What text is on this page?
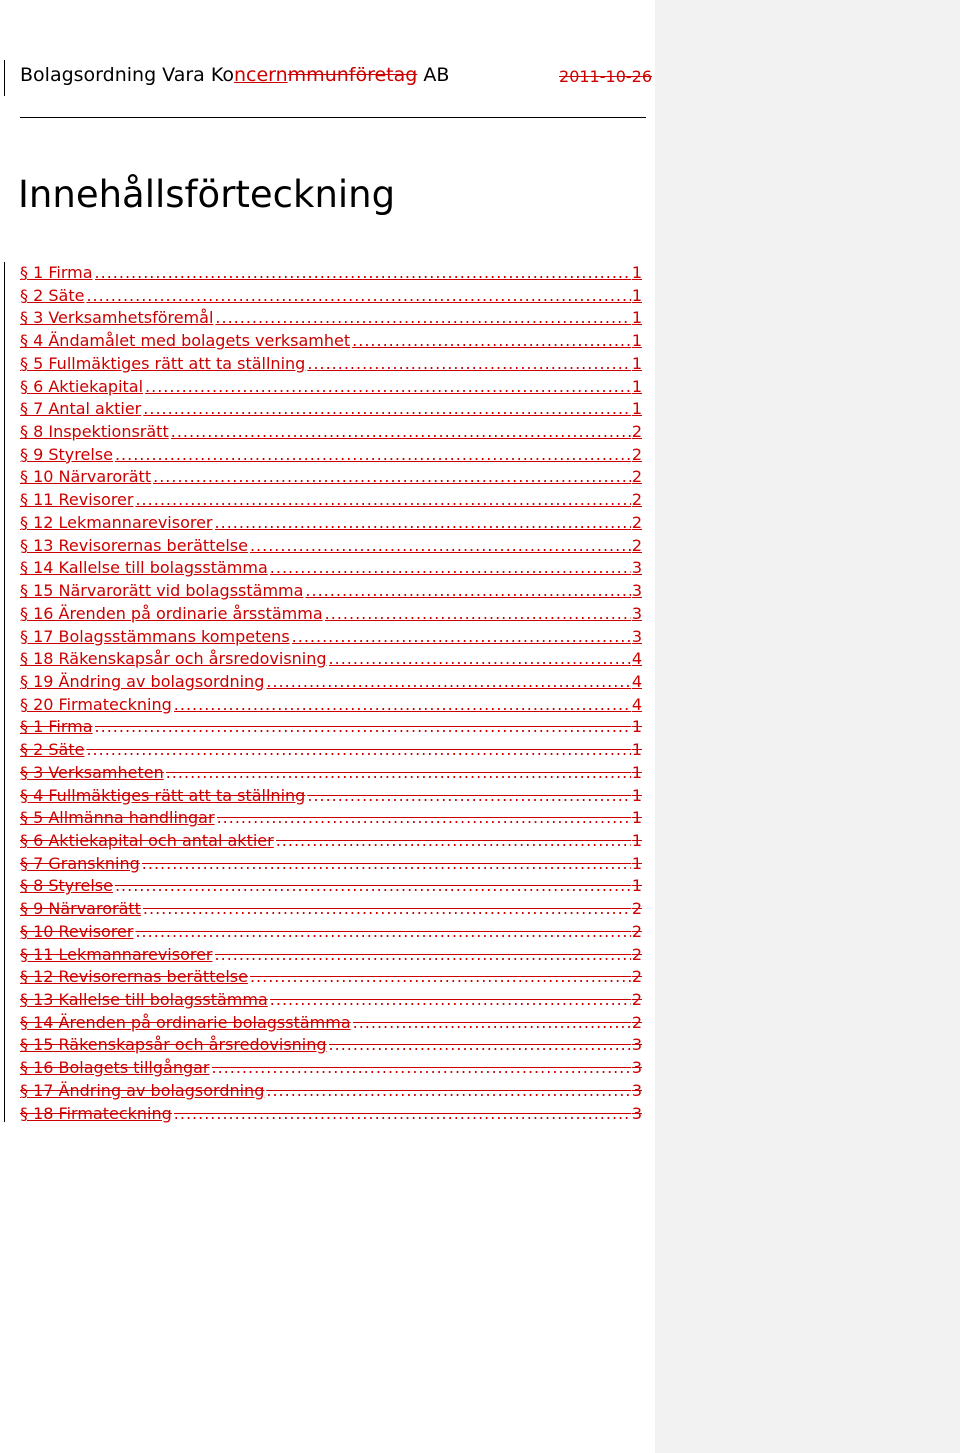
Bolagsordning Vara Koncernmmunföretag AB	2011-10-26
Innehållsförteckning
§ 1 Firma .....	1
§ 2 Säte .....	1
§ 3 Verksamhetsföremål .....	1
§ 4 Ändamålet med bolagets verksamhet .....	1
§ 5 Fullmäktiges rätt att ta ställning .....	1
§ 6 Aktiekapital .....	1
§ 7 Antal aktier .....	1
§ 8 Inspektionsrätt .....	2
§ 9 Styrelse .....	2
§ 10 Närvarorätt .....	2
§ 11 Revisorer .....	2
§ 12 Lekmannarevisorer .....	2
§ 13 Revisorernas berättelse .....	2
§ 14 Kallelse till bolagsstämma .....	3
§ 15 Närvarorätt vid bolagsstämma .....	3
§ 16 Ärenden på ordinarie årsstämma .....	3
§ 17 Bolagsstämmans kompetens .....	3
§ 18 Räkenskapsår och årsredovisning .....	4
§ 19 Ändring av bolagsordning .....	4
§ 20 Firmateckning .....	4
§ 1 Firma .....	1
§ 2 Säte .....	1
§ 3 Verksamheten .....	1
§ 4 Fullmäktiges rätt att ta ställning .....	1
§ 5 Allmänna handlingar .....	1
§ 6 Aktiekapital och antal aktier .....	1
§ 7 Granskning .....	1
§ 8 Styrelse .....	1
§ 9 Närvarorätt .....	2
§ 10 Revisorer .....	2
§ 11 Lekmannarevisorer .....	2
§ 12 Revisorernas berättelse .....	2
§ 13 Kallelse till bolagsstämma .....	2
§ 14 Ärenden på ordinarie bolagsstämma .....	2
§ 15 Räkenskapsår och årsredovisning .....	3
§ 16 Bolagets tillgångar .....	3
§ 17 Ändring av bolagsordning .....	3
§ 18 Firmateckning .....	3
